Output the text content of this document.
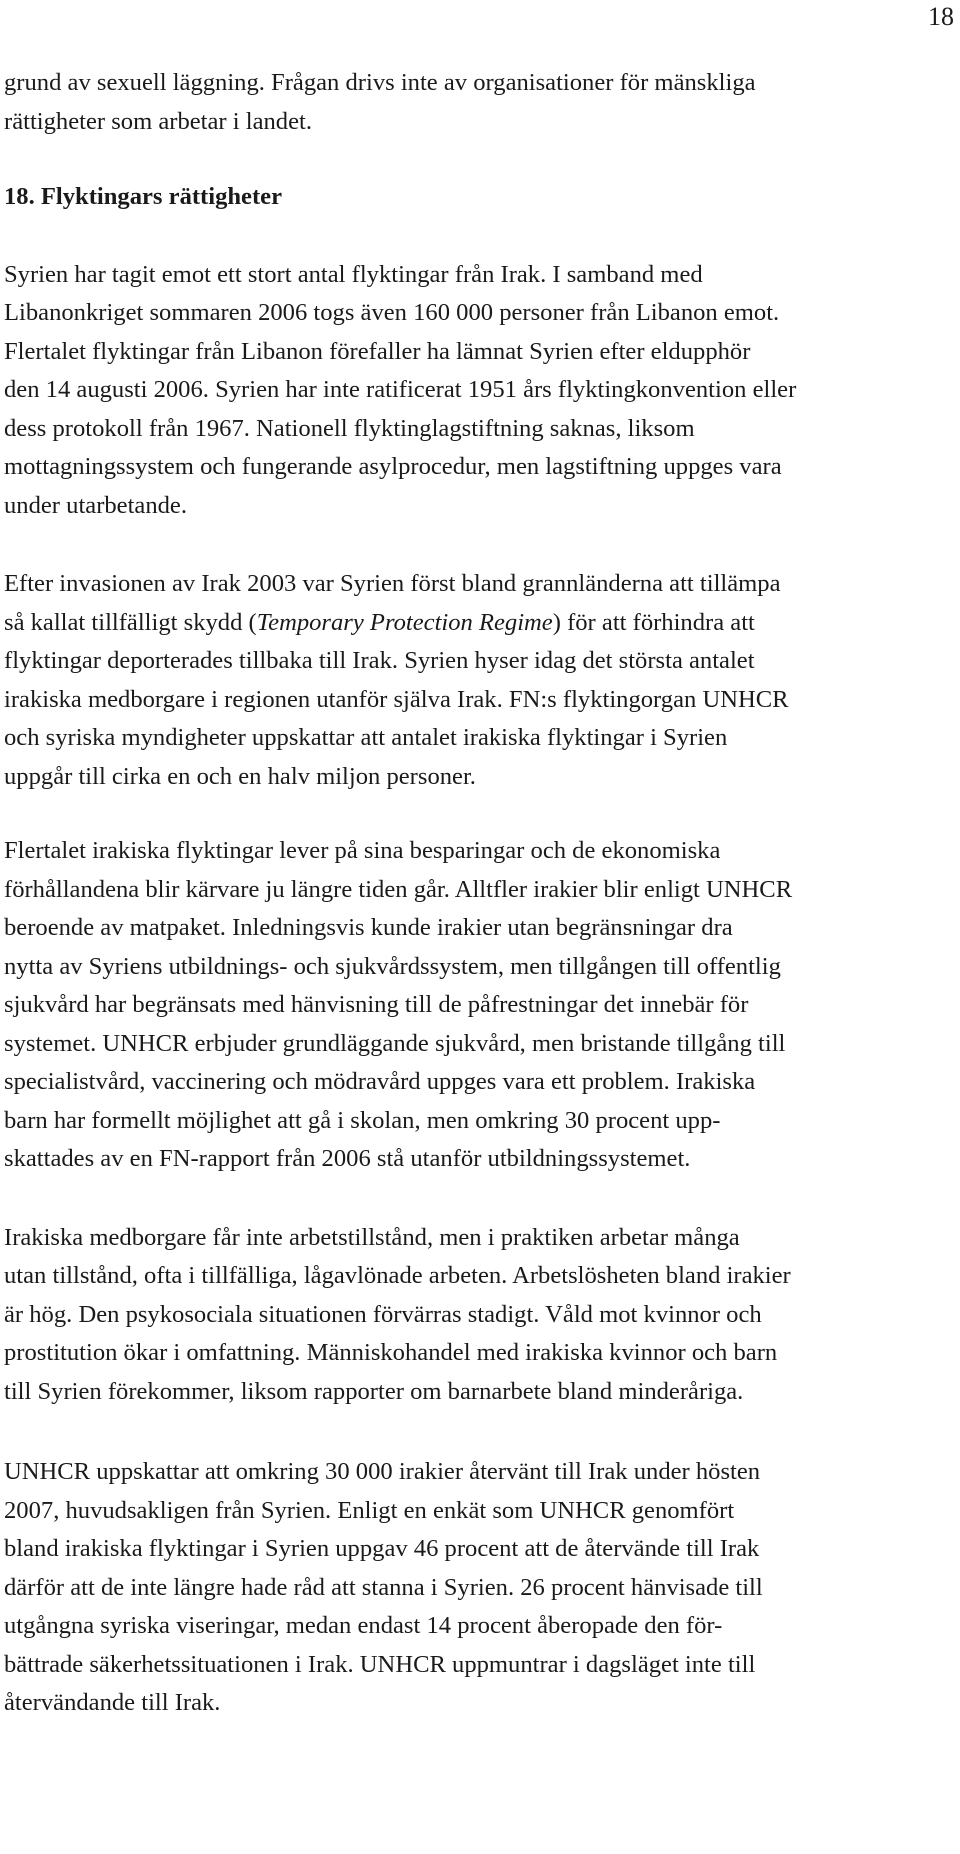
18

grund av sexuell läggning. Frågan drivs inte av organisationer för mänskliga
rättigheter som arbetar i landet.

18. Flyktingars rättigheter

Syrien har tagit emot ett stort antal flyktingar från Irak. I samband med
Libanonkriget sommaren 2006 togs även 160 000 personer från Libanon emot.
Flertalet flyktingar från Libanon förefaller ha lämnat Syrien efter eldupphör
den 14 augusti 2006. Syrien har inte ratificerat 1951 års flyktingkonvention eller
dess protokoll från 1967. Nationell flyktinglagstiftning saknas, liksom
mottagningssystem och fungerande asylprocedur, men lagstiftning uppges vara
under utarbetande.

Efter invasionen av Irak 2003 var Syrien först bland grannländerna att tillämpa
så kallat tillfälligt skydd (Temporary Protection Regime) för att förhindra att
flyktingar deporterades tillbaka till Irak. Syrien hyser idag det största antalet
irakiska medborgare i regionen utanför själva Irak. FN:s flyktingorgan UNHCR
och syriska myndigheter uppskattar att antalet irakiska flyktingar i Syrien
uppgår till cirka en och en halv miljon personer.

Flertalet irakiska flyktingar lever på sina besparingar och de ekonomiska
förhållandena blir kärvare ju längre tiden går. Alltfler irakier blir enligt UNHCR
beroende av matpaket. Inledningsvis kunde irakier utan begränsningar dra
nytta av Syriens utbildnings- och sjukvårdssystem, men tillgången till offentlig
sjukvård har begränsats med hänvisning till de påfrestningar det innebär för
systemet. UNHCR erbjuder grundläggande sjukvård, men bristande tillgång till
specialistvård, vaccinering och mödravård uppges vara ett problem. Irakiska
barn har formellt möjlighet att gå i skolan, men omkring 30 procent upp-
skattades av en FN-rapport från 2006 stå utanför utbildningssystemet.

Irakiska medborgare får inte arbetstillstånd, men i praktiken arbetar många
utan tillstånd, ofta i tillfälliga, lågavlönade arbeten. Arbetslösheten bland irakier
är hög. Den psykosociala situationen förvärras stadigt. Våld mot kvinnor och
prostitution ökar i omfattning. Människohandel med irakiska kvinnor och barn
till Syrien förekommer, liksom rapporter om barnarbete bland minderåriga.

UNHCR uppskattar att omkring 30 000 irakier återvänt till Irak under hösten
2007, huvudsakligen från Syrien. Enligt en enkät som UNHCR genomfört
bland irakiska flyktingar i Syrien uppgav 46 procent att de återvände till Irak
därför att de inte längre hade råd att stanna i Syrien. 26 procent hänvisade till
utgångna syriska viseringar, medan endast 14 procent åberopade den för-
bättrade säkerhetssituationen i Irak. UNHCR uppmuntrar i dagsläget inte till
återvändande till Irak.
